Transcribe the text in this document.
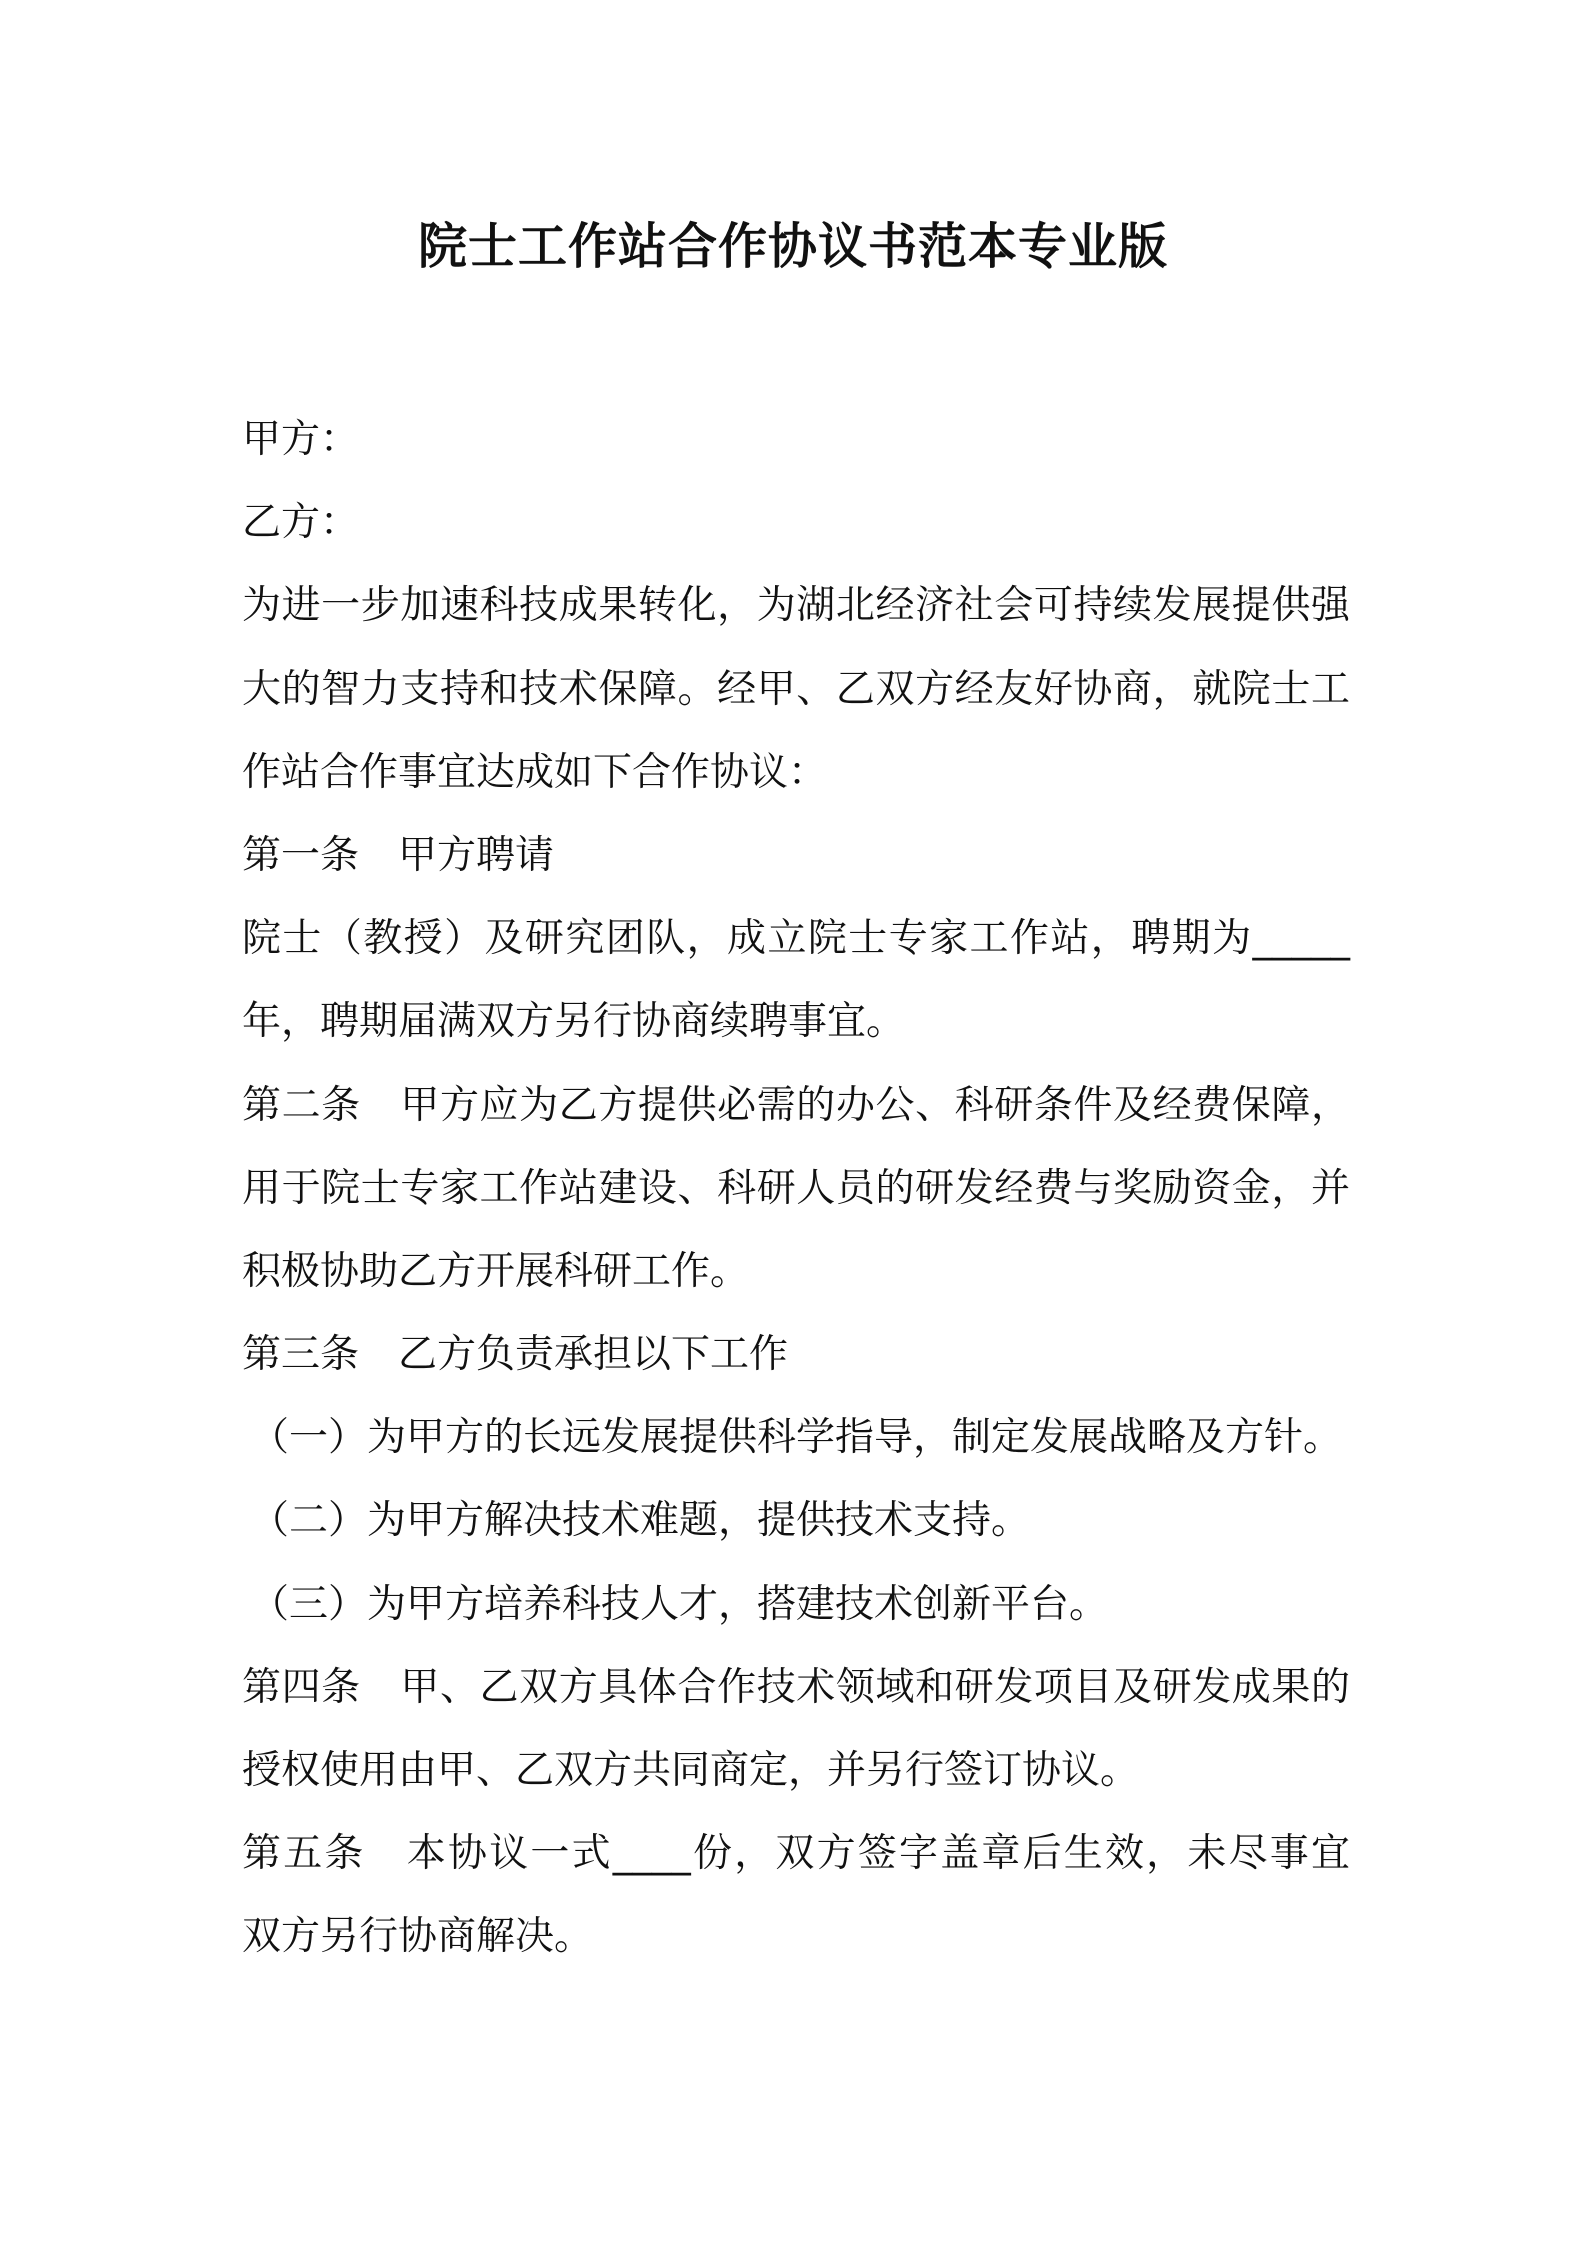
院士工作站合作协议书范本专业版
甲方：
乙方：
为进一步加速科技成果转化，为湖北经济社会可持续发展提供强
大的智力支持和技术保障。经甲、乙双方经友好协商，就院士工
作站合作事宜达成如下合作协议：
第一条　甲方聘请
院士（教授）及研究团队，成立院士专家工作站，聘期为_____
年，聘期届满双方另行协商续聘事宜。
第二条　甲方应为乙方提供必需的办公、科研条件及经费保障，
用于院士专家工作站建设、科研人员的研发经费与奖励资金，并
积极协助乙方开展科研工作。
第三条　乙方负责承担以下工作
（一）为甲方的长远发展提供科学指导，制定发展战略及方针。
（二）为甲方解决技术难题，提供技术支持。
（三）为甲方培养科技人才，搭建技术创新平台。
第四条　甲、乙双方具体合作技术领域和研发项目及研发成果的
授权使用由甲、乙双方共同商定，并另行签订协议。
第五条　本协议一式____份，双方签字盖章后生效，未尽事宜
双方另行协商解决。
